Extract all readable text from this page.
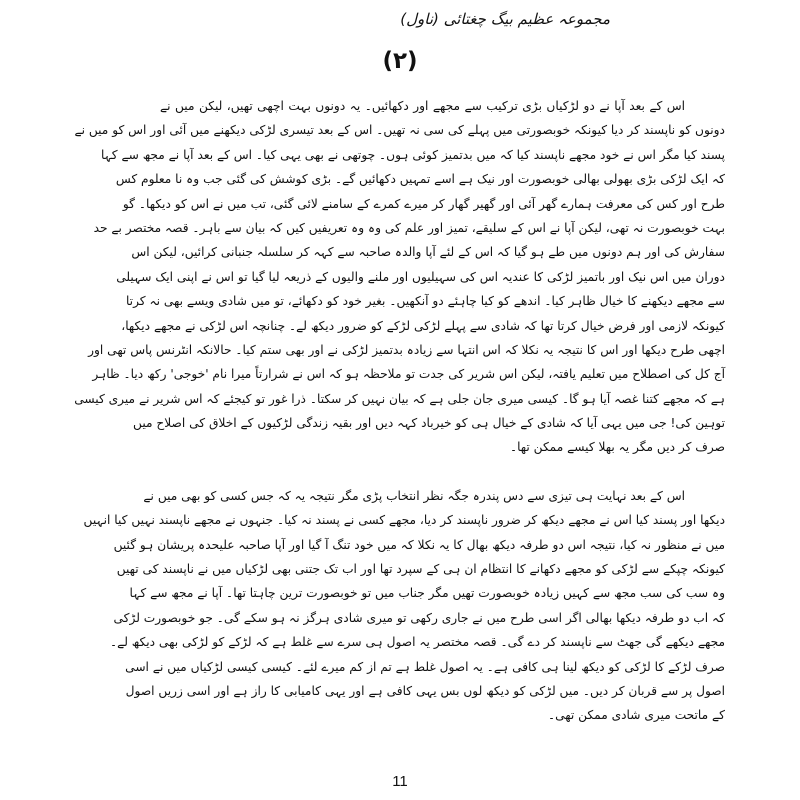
مجموعہ عظیم بیگ چغتائی (ناول)
(۲)
اس کے بعد آپا نے دو لڑکیاں بڑی ترکیب سے مجھے اور دکھائیں۔ یہ دونوں بہت اچھی تھیں، لیکن میں نے
دونوں کو ناپسند کر دیا کیونکہ خوبصورتی میں پہلے کی سی نہ تھیں۔ اس کے بعد تیسری لڑکی دیکھنے میں آئی اور اس کو میں نے
پسند کیا مگر اس نے خود مجھے ناپسند کیا کہ میں بدتمیز کوئی ہوں۔ چوتھی نے بھی یہی کیا۔ اس کے بعد آپا نے مجھ سے کہا
کہ ایک لڑکی بڑی بھولی بھالی خوبصورت اور نیک ہے اسے تمہیں دکھائیں گے۔ بڑی کوشش کی گئی جب وہ نا معلوم کس
طرح اور کس کی معرفت ہمارے گھر آئی اور گھیر گھار کر میرے کمرے کے سامنے لائی گئی، تب میں نے اس کو دیکھا۔ گو
بہت خوبصورت نہ تھی، لیکن آپا نے اس کے سلیقے، تمیز اور علم کی وہ وہ تعریفیں کیں کہ بیان سے باہر۔ قصہ مختصر بے حد
سفارش کی اور ہم دونوں میں طے ہو گیا کہ اس کے لئے آپا والدہ صاحبہ سے کہہ کر سلسلہ جنبانی کرائیں، لیکن اس
دوران میں اس نیک اور باتمیز لڑکی کا عندیہ اس کی سہیلیوں اور ملنے والیوں کے ذریعہ لیا گیا تو اس نے اپنی ایک سہیلی
سے مجھے دیکھنے کا خیال ظاہر کیا۔ اندھے کو کیا چاہئے دو آنکھیں۔ بغیر خود کو دکھائے، تو میں شادی ویسے بھی نہ کرتا
کیونکہ لازمی اور فرض خیال کرتا تھا کہ شادی سے پہلے لڑکی لڑکے کو ضرور دیکھ لے۔ چنانچہ اس لڑکی نے مجھے دیکھا،
اچھی طرح دیکھا اور اس کا نتیجہ یہ نکلا کہ اس انتہا سے زیادہ بدتمیز لڑکی نے اور بھی ستم کیا۔ حالانکہ انٹرنس پاس تھی اور
آج کل کی اصطلاح میں تعلیم یافتہ، لیکن اس شریر کی جدت تو ملاحظہ ہو کہ اس نے شرارتاً میرا نام 'خوجی' رکھ دیا۔ ظاہر
ہے کہ مجھے کتنا غصہ آیا ہو گا۔ کیسی میری جان جلی ہے کہ بیان نہیں کر سکتا۔ ذرا غور تو کیجئے کہ اس شریر نے میری کیسی
توہین کی! جی میں یہی آیا کہ شادی کے خیال ہی کو خیرباد کہہ دیں اور بقیہ زندگی لڑکیوں کے اخلاق کی اصلاح میں
صرف کر دیں مگر یہ بھلا کیسے ممکن تھا۔
اس کے بعد نہایت ہی تیزی سے دس پندرہ جگہ نظر انتخاب پڑی مگر نتیجہ یہ کہ جس کسی کو بھی میں نے
دیکھا اور پسند کیا اس نے مجھے دیکھ کر ضرور ناپسند کر دیا، مجھے کسی نے پسند نہ کیا۔ جنہوں نے مجھے ناپسند نہیں کیا انہیں
میں نے منظور نہ کیا، نتیجہ اس دو طرفہ دیکھ بھال کا یہ نکلا کہ میں خود تنگ آ گیا اور آپا صاحبہ علیحدہ پریشان ہو گئیں
کیونکہ چپکے سے لڑکی کو مجھے دکھانے کا انتظام ان ہی کے سپرد تھا اور اب تک جتنی بھی لڑکیاں میں نے ناپسند کی تھیں
وہ سب کی سب مجھ سے کہیں زیادہ خوبصورت تھیں مگر جناب میں تو خوبصورت ترین چاہتا تھا۔ آپا نے مجھ سے کہا
کہ اب دو طرفہ دیکھا بھالی اگر اسی طرح میں نے جاری رکھی تو میری شادی ہرگز نہ ہو سکے گی۔ جو خوبصورت لڑکی
مجھے دیکھے گی جھٹ سے ناپسند کر دے گی۔ قصہ مختصر یہ اصول ہی سرے سے غلط ہے کہ لڑکے کو لڑکی بھی دیکھ لے۔
صرف لڑکے کا لڑکی کو دیکھ لینا ہی کافی ہے۔ یہ اصول غلط ہے تم از کم میرے لئے۔ کیسی کیسی لڑکیاں میں نے اسی
اصول پر سے قربان کر دیں۔ میں لڑکی کو دیکھ لوں بس یہی کافی ہے اور یہی کامیابی کا راز ہے اور اسی زریں اصول
کے ماتحت میری شادی ممکن تھی۔
11
